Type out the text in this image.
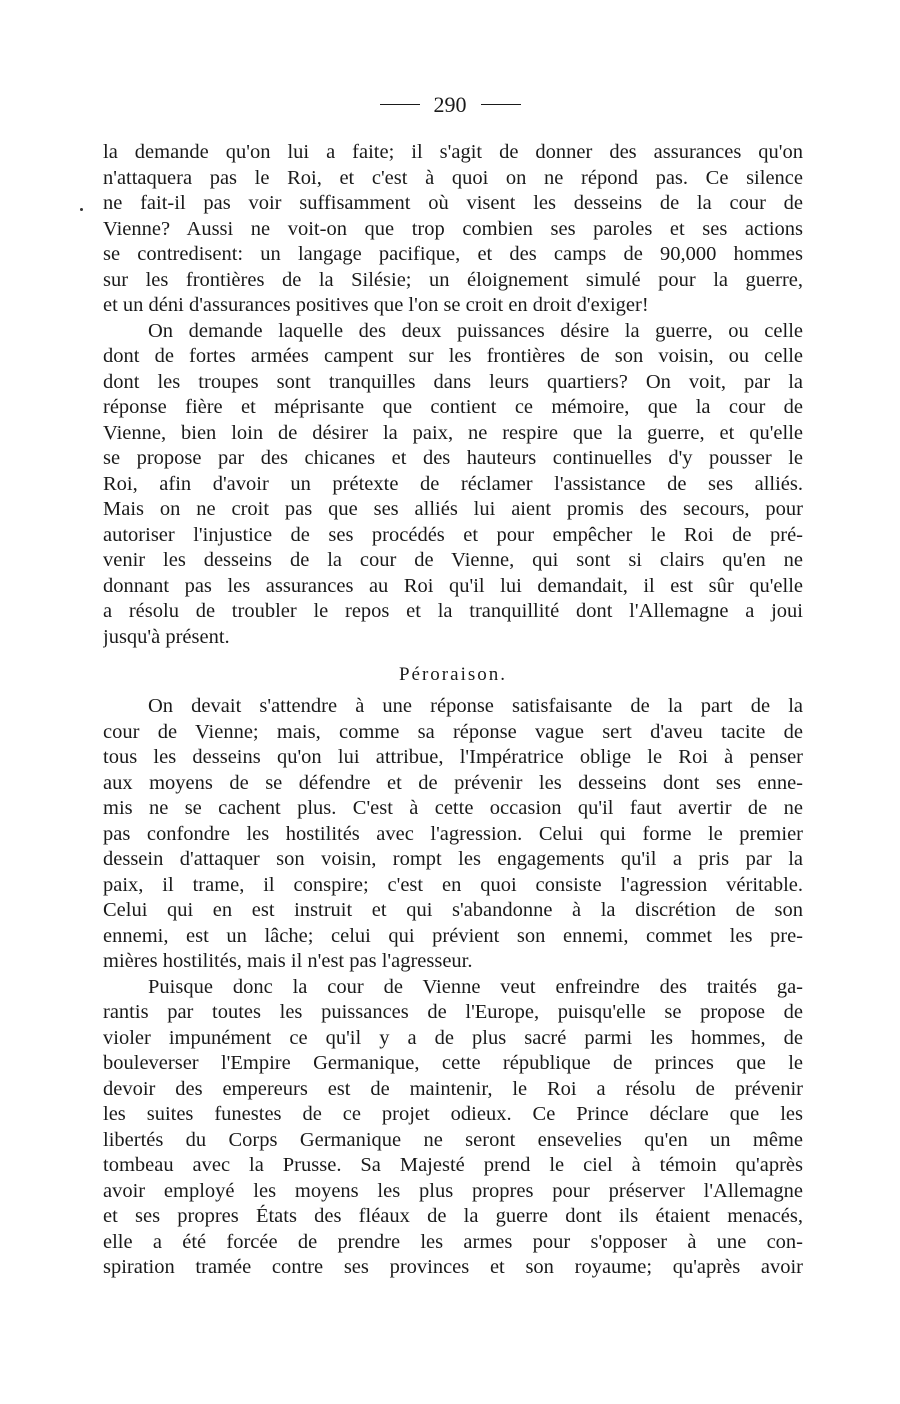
290
la demande qu'on lui a faite; il s'agit de donner des assurances qu'on
n'attaquera pas le Roi, et c'est à quoi on ne répond pas. Ce silence
ne fait-il pas voir suffisamment où visent les desseins de la cour de
Vienne? Aussi ne voit-on que trop combien ses paroles et ses actions
se contredisent: un langage pacifique, et des camps de 90,000 hommes
sur les frontières de la Silésie; un éloignement simulé pour la guerre,
et un déni d'assurances positives que l'on se croit en droit d'exiger!
On demande laquelle des deux puissances désire la guerre, ou celle
dont de fortes armées campent sur les frontières de son voisin, ou celle
dont les troupes sont tranquilles dans leurs quartiers? On voit, par la
réponse fière et méprisante que contient ce mémoire, que la cour de
Vienne, bien loin de désirer la paix, ne respire que la guerre, et qu'elle
se propose par des chicanes et des hauteurs continuelles d'y pousser le
Roi, afin d'avoir un prétexte de réclamer l'assistance de ses alliés.
Mais on ne croit pas que ses alliés lui aient promis des secours, pour
autoriser l'injustice de ses procédés et pour empêcher le Roi de pré-
venir les desseins de la cour de Vienne, qui sont si clairs qu'en ne
donnant pas les assurances au Roi qu'il lui demandait, il est sûr qu'elle
a résolu de troubler le repos et la tranquillité dont l'Allemagne a joui
jusqu'à présent.
Péroraison.
On devait s'attendre à une réponse satisfaisante de la part de la
cour de Vienne; mais, comme sa réponse vague sert d'aveu tacite de
tous les desseins qu'on lui attribue, l'Impératrice oblige le Roi à penser
aux moyens de se défendre et de prévenir les desseins dont ses enne-
mis ne se cachent plus. C'est à cette occasion qu'il faut avertir de ne
pas confondre les hostilités avec l'agression. Celui qui forme le premier
dessein d'attaquer son voisin, rompt les engagements qu'il a pris par la
paix, il trame, il conspire; c'est en quoi consiste l'agression véritable.
Celui qui en est instruit et qui s'abandonne à la discrétion de son
ennemi, est un lâche; celui qui prévient son ennemi, commet les pre-
mières hostilités, mais il n'est pas l'agresseur.
Puisque donc la cour de Vienne veut enfreindre des traités ga-
rantis par toutes les puissances de l'Europe, puisqu'elle se propose de
violer impunément ce qu'il y a de plus sacré parmi les hommes, de
bouleverser l'Empire Germanique, cette république de princes que le
devoir des empereurs est de maintenir, le Roi a résolu de prévenir
les suites funestes de ce projet odieux. Ce Prince déclare que les
libertés du Corps Germanique ne seront ensevelies qu'en un même
tombeau avec la Prusse. Sa Majesté prend le ciel à témoin qu'après
avoir employé les moyens les plus propres pour préserver l'Allemagne
et ses propres États des fléaux de la guerre dont ils étaient menacés,
elle a été forcée de prendre les armes pour s'opposer à une con-
spiration tramée contre ses provinces et son royaume; qu'après avoir
